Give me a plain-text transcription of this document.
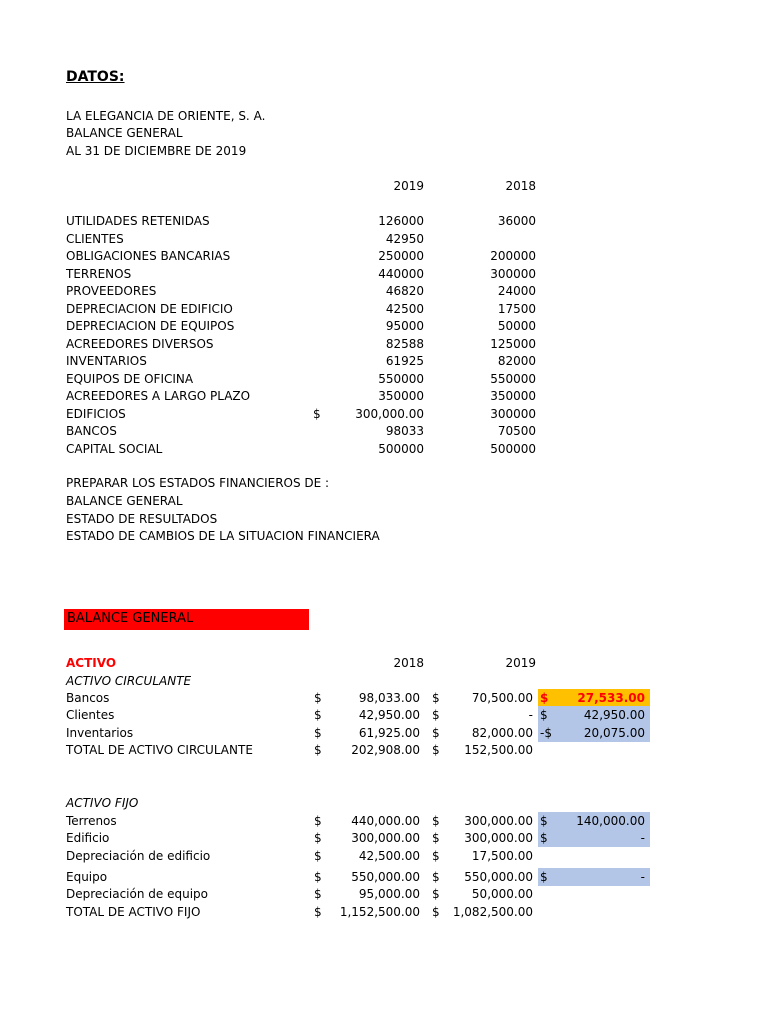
DATOS:
LA ELEGANCIA DE ORIENTE, S. A.
BALANCE GENERAL
AL 31 DE DICIEMBRE DE 2019
2019	2018
UTILIDADES RETENIDAS	126000	36000
CLIENTES	42950
OBLIGACIONES BANCARIAS	250000	200000
TERRENOS	440000	300000
PROVEEDORES	46820	24000
DEPRECIACION DE EDIFICIO	42500	17500
DEPRECIACION DE EQUIPOS	95000	50000
ACREEDORES DIVERSOS	82588	125000
INVENTARIOS	61925	82000
EQUIPOS DE OFICINA	550000	550000
ACREEDORES A LARGO PLAZO	350000	350000
EDIFICIOS	$	300,000.00	300000
BANCOS	98033	70500
CAPITAL SOCIAL	500000	500000
PREPARAR LOS ESTADOS FINANCIEROS DE :
BALANCE GENERAL
ESTADO DE RESULTADOS
ESTADO DE CAMBIOS DE LA SITUACION FINANCIERA
BALANCE GENERAL
ACTIVO	2018	2019
ACTIVO CIRCULANTE
Bancos	$	98,033.00 $	70,500.00 $	27,533.00
Clientes	$	42,950.00 $	- $	42,950.00
Inventarios	$	61,925.00 $	82,000.00 -$	20,075.00
TOTAL DE ACTIVO CIRCULANTE	$	202,908.00 $	152,500.00
ACTIVO FIJO
Terrenos	$	440,000.00 $	300,000.00 $	140,000.00
Edificio	$	300,000.00 $	300,000.00 $	-
Depreciación de edificio	$	42,500.00 $	17,500.00
Equipo	$	550,000.00 $	550,000.00 $	-
Depreciación de equipo	$	95,000.00 $	50,000.00
TOTAL DE ACTIVO FIJO	$	1,152,500.00 $	1,082,500.00
